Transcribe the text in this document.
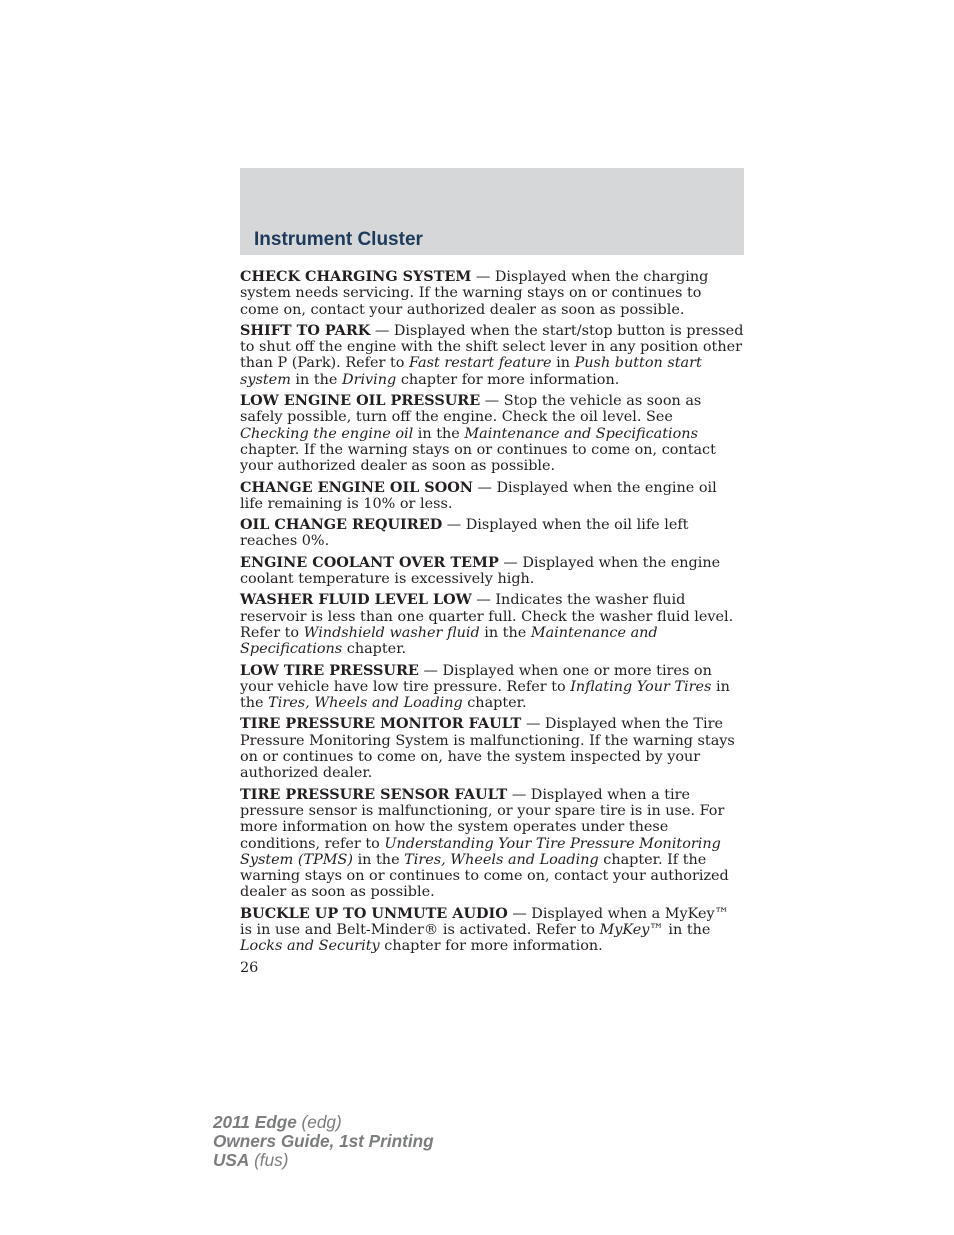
Instrument Cluster

CHECK CHARGING SYSTEM — Displayed when the charging system needs servicing. If the warning stays on or continues to come on, contact your authorized dealer as soon as possible.

SHIFT TO PARK — Displayed when the start/stop button is pressed to shut off the engine with the shift select lever in any position other than P (Park). Refer to Fast restart feature in Push button start system in the Driving chapter for more information.

LOW ENGINE OIL PRESSURE — Stop the vehicle as soon as safely possible, turn off the engine. Check the oil level. See Checking the engine oil in the Maintenance and Specifications chapter. If the warning stays on or continues to come on, contact your authorized dealer as soon as possible.

CHANGE ENGINE OIL SOON — Displayed when the engine oil life remaining is 10% or less.

OIL CHANGE REQUIRED — Displayed when the oil life left reaches 0%.

ENGINE COOLANT OVER TEMP — Displayed when the engine coolant temperature is excessively high.

WASHER FLUID LEVEL LOW — Indicates the washer fluid reservoir is less than one quarter full. Check the washer fluid level. Refer to Windshield washer fluid in the Maintenance and Specifications chapter.

LOW TIRE PRESSURE — Displayed when one or more tires on your vehicle have low tire pressure. Refer to Inflating Your Tires in the Tires, Wheels and Loading chapter.

TIRE PRESSURE MONITOR FAULT — Displayed when the Tire Pressure Monitoring System is malfunctioning. If the warning stays on or continues to come on, have the system inspected by your authorized dealer.

TIRE PRESSURE SENSOR FAULT — Displayed when a tire pressure sensor is malfunctioning, or your spare tire is in use. For more information on how the system operates under these conditions, refer to Understanding Your Tire Pressure Monitoring System (TPMS) in the Tires, Wheels and Loading chapter. If the warning stays on or continues to come on, contact your authorized dealer as soon as possible.

BUCKLE UP TO UNMUTE AUDIO — Displayed when a MyKey™ is in use and Belt-Minder® is activated. Refer to MyKey™ in the Locks and Security chapter for more information.

26
2011 Edge (edg)
Owners Guide, 1st Printing
USA (fus)
